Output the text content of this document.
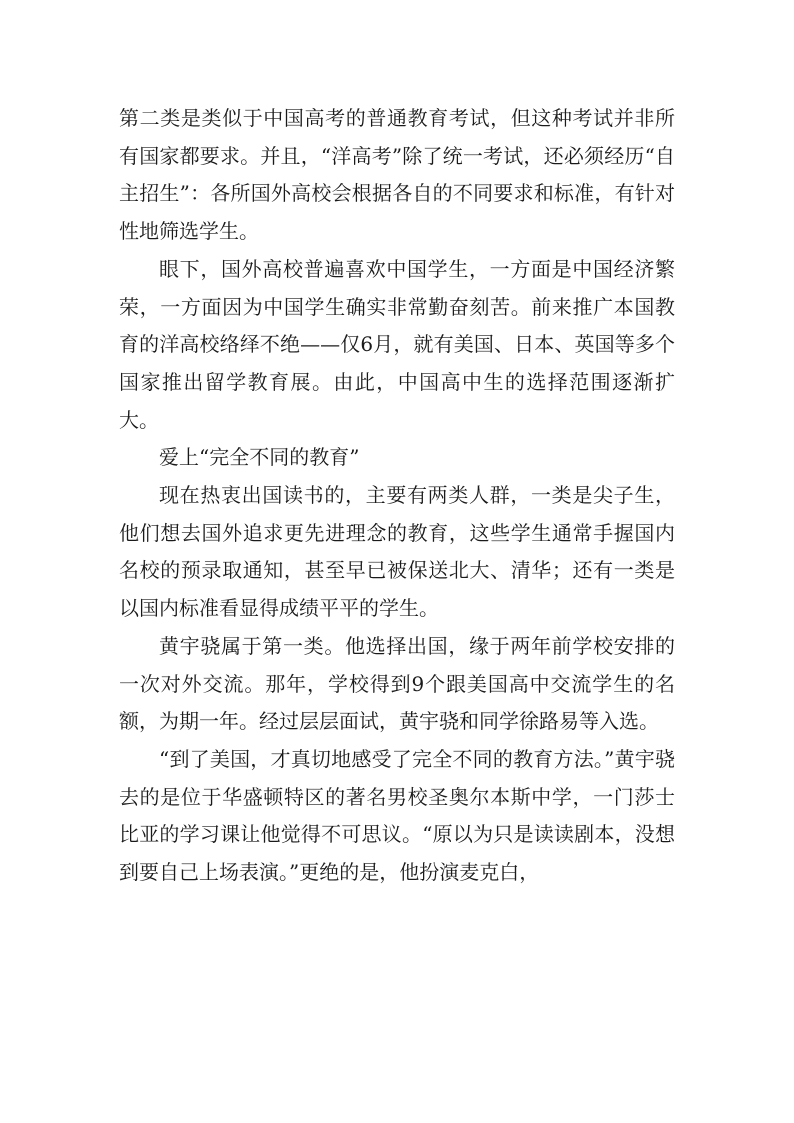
第二类是类似于中国高考的普通教育考试，但这种考试并非所有国家都要求。并且，“洋高考”除了统一考试，还必须经历“自主招生”：各所国外高校会根据各自的不同要求和标准，有针对性地筛选学生。

眼下，国外高校普遍喜欢中国学生，一方面是中国经济繁荣，一方面因为中国学生确实非常勤奋刻苦。前来推广本国教育的洋高校络绎不绝——仅6月，就有美国、日本、英国等多个国家推出留学教育展。由此，中国高中生的选择范围逐渐扩大。

爱上“完全不同的教育”

现在热衷出国读书的，主要有两类人群，一类是尖子生，他们想去国外追求更先进理念的教育，这些学生通常手握国内名校的预录取通知，甚至早已被保送北大、清华；还有一类是以国内标准看显得成绩平平的学生。

黄宇骁属于第一类。他选择出国，缘于两年前学校安排的一次对外交流。那年，学校得到9个跟美国高中交流学生的名额，为期一年。经过层层面试，黄宇骁和同学徐路易等入选。

“到了美国，才真切地感受了完全不同的教育方法。”黄宇骁去的是位于华盛顿特区的著名男校圣奥尔本斯中学，一门莎士比亚的学习课让他觉得不可思议。“原以为只是读读剧本，没想到要自己上场表演。”更绝的是，他扮演麦克白，
